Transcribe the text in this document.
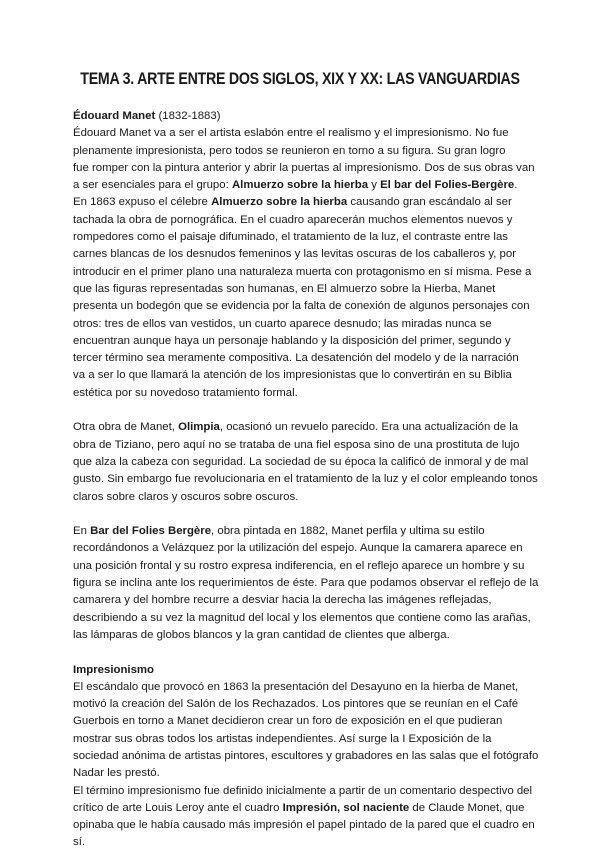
TEMA 3. ARTE ENTRE DOS SIGLOS, XIX Y XX: LAS VANGUARDIAS
Édouard Manet (1832-1883)
Édouard Manet va a ser el artista eslabón entre el realismo y el impresionismo. No fue
plenamente impresionista, pero todos se reunieron en torno a su figura. Su gran logro
fue romper con la pintura anterior y abrir la puertas al impresionismo. Dos de sus obras van
a ser esenciales para el grupo: Almuerzo sobre la hierba y El bar del Folies-Bergère.
En 1863 expuso el célebre Almuerzo sobre la hierba causando gran escándalo al ser
tachada la obra de pornográfica. En el cuadro aparecerán muchos elementos nuevos y
rompedores como el paisaje difuminado, el tratamiento de la luz, el contraste entre las
carnes blancas de los desnudos femeninos y las levitas oscuras de los caballeros y, por
introducir en el primer plano una naturaleza muerta con protagonismo en sí misma. Pese a
que las figuras representadas son humanas, en El almuerzo sobre la Hierba, Manet
presenta un bodegón que se evidencia por la falta de conexión de algunos personajes con
otros: tres de ellos van vestidos, un cuarto aparece desnudo; las miradas nunca se
encuentran aunque haya un personaje hablando y la disposición del primer, segundo y
tercer término sea meramente compositiva. La desatención del modelo y de la narración
va a ser lo que llamará la atención de los impresionistas que lo convertirán en su Biblia
estética por su novedoso tratamiento formal.
Otra obra de Manet, Olimpia, ocasionó un revuelo parecido. Era una actualización de la
obra de Tiziano, pero aquí no se trataba de una fiel esposa sino de una prostituta de lujo
que alza la cabeza con seguridad. La sociedad de su época la calificó de inmoral y de mal
gusto. Sin embargo fue revolucionaria en el tratamiento de la luz y el color empleando tonos
claros sobre claros y oscuros sobre oscuros.
En Bar del Folies Bergère, obra pintada en 1882, Manet perfila y ultima su estilo
recordándonos a Velázquez por la utilización del espejo. Aunque la camarera aparece en
una posición frontal y su rostro expresa indiferencia, en el reflejo aparece un hombre y su
figura se inclina ante los requerimientos de éste. Para que podamos observar el reflejo de la
camarera y del hombre recurre a desviar hacia la derecha las imágenes reflejadas,
describiendo a su vez la magnitud del local y los elementos que contiene como las arañas,
las lámparas de globos blancos y la gran cantidad de clientes que alberga.
Impresionismo
El escándalo que provocó en 1863 la presentación del Desayuno en la hierba de Manet,
motivó la creación del Salón de los Rechazados. Los pintores que se reunían en el Café
Guerbois en torno a Manet decidieron crear un foro de exposición en el que pudieran
mostrar sus obras todos los artistas independientes. Así surge la I Exposición de la
sociedad anónima de artistas pintores, escultores y grabadores en las salas que el fotógrafo
Nadar les prestó.
El término impresionismo fue definido inicialmente a partir de un comentario despectivo del
crítico de arte Louis Leroy ante el cuadro Impresión, sol naciente de Claude Monet, que
opinaba que le había causado más impresión el papel pintado de la pared que el cuadro en
sí.
